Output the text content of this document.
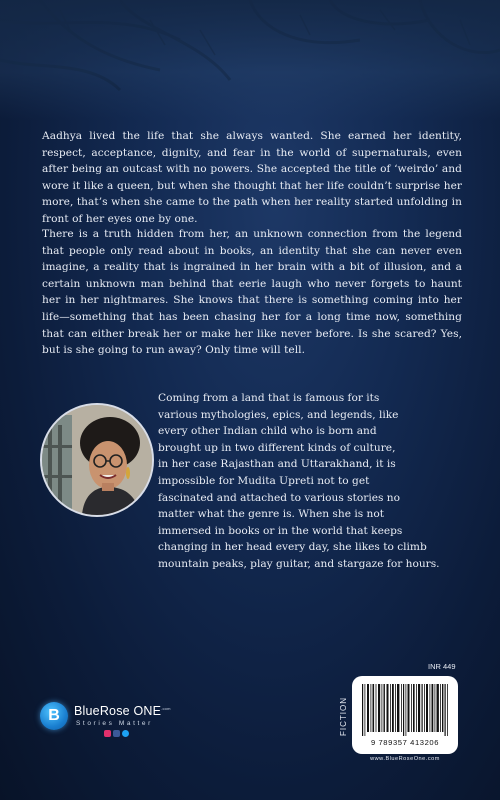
Aadhya lived the life that she always wanted. She earned her identity, respect, acceptance, dignity, and fear in the world of supernaturals, even after being an outcast with no powers. She accepted the title of ‘weirdo’ and wore it like a queen, but when she thought that her life couldn’t surprise her more, that’s when she came to the path when her reality started unfolding in front of her eyes one by one.

There is a truth hidden from her, an unknown connection from the legend that people only read about in books, an identity that she can never even imagine, a reality that is ingrained in her brain with a bit of illusion, and a certain unknown man behind that eerie laugh who never forgets to haunt her in her nightmares. She knows that there is something coming into her life—something that has been chasing her for a long time now, something that can either break her or make her like never before. Is she scared? Yes, but is she going to run away? Only time will tell.

Coming from a land that is famous for its
various mythologies, epics, and legends, like
every other Indian child who is born and
brought up in two different kinds of culture,
in her case Rajasthan and Uttarakhand, it is
impossible for Mudita Upreti not to get
fascinated and attached to various stories no
matter what the genre is. When she is not
immersed in books or in the world that keeps
changing in her head every day, she likes to climb
mountain peaks, play guitar, and stargaze for hours.

B BlueRose $ONE^{.com}$
Stories Matter
INR 449
FICTION
9 789357 413206
www.BlueRoseOne.com
